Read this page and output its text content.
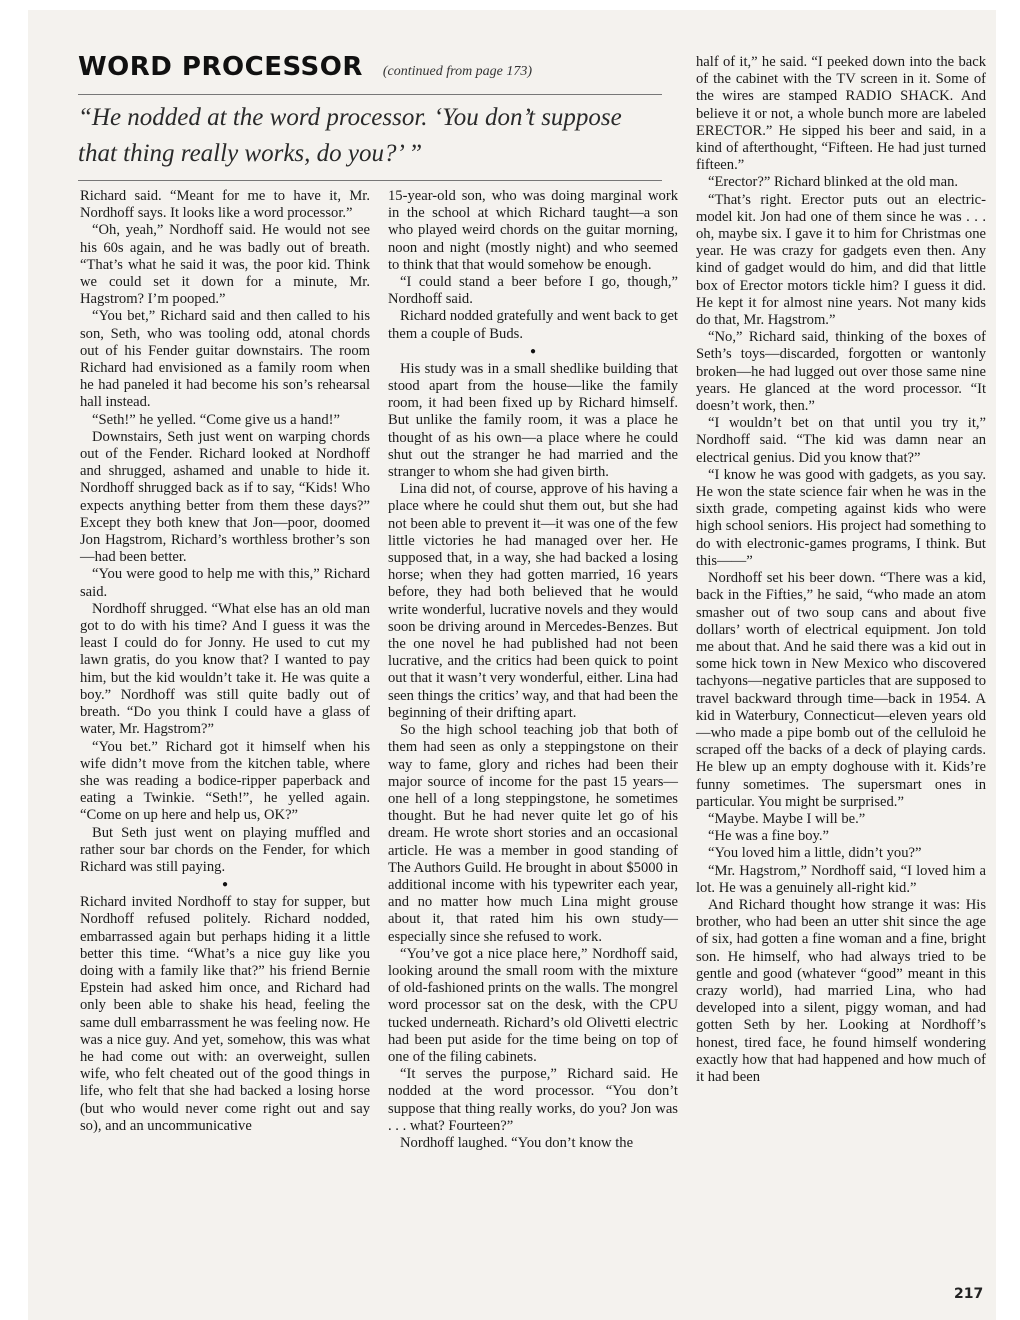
WORD PROCESSOR (continued from page 173)

“He nodded at the word processor. ‘You don’t suppose that thing really works, do you?’ ”

Richard said. “Meant for me to have it, Mr. Nordhoff says. It looks like a word processor.”

“Oh, yeah,” Nordhoff said. He would not see his 60s again, and he was badly out of breath. “That’s what he said it was, the poor kid. Think we could set it down for a minute, Mr. Hagstrom? I’m pooped.”

“You bet,” Richard said and then called to his son, Seth, who was tooling odd, atonal chords out of his Fender guitar downstairs. The room Richard had envisioned as a family room when he had paneled it had become his son’s rehearsal hall instead.

“Seth!” he yelled. “Come give us a hand!”

Downstairs, Seth just went on warping chords out of the Fender. Richard looked at Nordhoff and shrugged, ashamed and unable to hide it. Nordhoff shrugged back as if to say, “Kids! Who expects anything better from them these days?” Except they both knew that Jon—poor, doomed Jon Hagstrom, Richard’s worthless brother’s son—had been better.

“You were good to help me with this,” Richard said.

Nordhoff shrugged. “What else has an old man got to do with his time? And I guess it was the least I could do for Jonny. He used to cut my lawn gratis, do you know that? I wanted to pay him, but the kid wouldn’t take it. He was quite a boy.” Nordhoff was still quite badly out of breath. “Do you think I could have a glass of water, Mr. Hagstrom?”

“You bet.” Richard got it himself when his wife didn’t move from the kitchen table, where she was reading a bodice-ripper paperback and eating a Twinkie. “Seth!”, he yelled again. “Come on up here and help us, OK?”

But Seth just went on playing muffled and rather sour bar chords on the Fender, for which Richard was still paying.

●

Richard invited Nordhoff to stay for supper, but Nordhoff refused politely. Richard nodded, embarrassed again but perhaps hiding it a little better this time. “What’s a nice guy like you doing with a family like that?” his friend Bernie Epstein had asked him once, and Richard had only been able to shake his head, feeling the same dull embarrassment he was feeling now. He was a nice guy. And yet, somehow, this was what he had come out with: an overweight, sullen wife, who felt cheated out of the good things in life, who felt that she had backed a losing horse (but who would never come right out and say so), and an uncommunicative

15-year-old son, who was doing marginal work in the school at which Richard taught—a son who played weird chords on the guitar morning, noon and night (mostly night) and who seemed to think that that would somehow be enough.

“I could stand a beer before I go, though,” Nordhoff said.

Richard nodded gratefully and went back to get them a couple of Buds.

●

His study was in a small shedlike building that stood apart from the house—like the family room, it had been fixed up by Richard himself. But unlike the family room, it was a place he thought of as his own—a place where he could shut out the stranger he had married and the stranger to whom she had given birth.

Lina did not, of course, approve of his having a place where he could shut them out, but she had not been able to prevent it—it was one of the few little victories he had managed over her. He supposed that, in a way, she had backed a losing horse; when they had gotten married, 16 years before, they had both believed that he would write wonderful, lucrative novels and they would soon be driving around in Mercedes-Benzes. But the one novel he had published had not been lucrative, and the critics had been quick to point out that it wasn’t very wonderful, either. Lina had seen things the critics’ way, and that had been the beginning of their drifting apart.

So the high school teaching job that both of them had seen as only a steppingstone on their way to fame, glory and riches had been their major source of income for the past 15 years—one hell of a long steppingstone, he sometimes thought. But he had never quite let go of his dream. He wrote short stories and an occasional article. He was a member in good standing of The Authors Guild. He brought in about $5000 in additional income with his typewriter each year, and no matter how much Lina might grouse about it, that rated him his own study—especially since she refused to work.

“You’ve got a nice place here,” Nordhoff said, looking around the small room with the mixture of old-fashioned prints on the walls. The mongrel word processor sat on the desk, with the CPU tucked underneath. Richard’s old Olivetti electric had been put aside for the time being on top of one of the filing cabinets.

“It serves the purpose,” Richard said. He nodded at the word processor. “You don’t suppose that thing really works, do you? Jon was . . . what? Fourteen?”

Nordhoff laughed. “You don’t know the

half of it,” he said. “I peeked down into the back of the cabinet with the TV screen in it. Some of the wires are stamped RADIO SHACK. And believe it or not, a whole bunch more are labeled ERECTOR.” He sipped his beer and said, in a kind of afterthought, “Fifteen. He had just turned fifteen.”

“Erector?” Richard blinked at the old man.

“That’s right. Erector puts out an electric-model kit. Jon had one of them since he was . . . oh, maybe six. I gave it to him for Christmas one year. He was crazy for gadgets even then. Any kind of gadget would do him, and did that little box of Erector motors tickle him? I guess it did. He kept it for almost nine years. Not many kids do that, Mr. Hagstrom.”

“No,” Richard said, thinking of the boxes of Seth’s toys—discarded, forgotten or wantonly broken—he had lugged out over those same nine years. He glanced at the word processor. “It doesn’t work, then.”

“I wouldn’t bet on that until you try it,” Nordhoff said. “The kid was damn near an electrical genius. Did you know that?”

“I know he was good with gadgets, as you say. He won the state science fair when he was in the sixth grade, competing against kids who were high school seniors. His project had something to do with electronic-games programs, I think. But this——”

Nordhoff set his beer down. “There was a kid, back in the Fifties,” he said, “who made an atom smasher out of two soup cans and about five dollars’ worth of electrical equipment. Jon told me about that. And he said there was a kid out in some hick town in New Mexico who discovered tachyons—negative particles that are supposed to travel backward through time—back in 1954. A kid in Waterbury, Connecticut—eleven years old—who made a pipe bomb out of the celluloid he scraped off the backs of a deck of playing cards. He blew up an empty doghouse with it. Kids’re funny sometimes. The supersmart ones in particular. You might be surprised.”

“Maybe. Maybe I will be.”

“He was a fine boy.”

“You loved him a little, didn’t you?”

“Mr. Hagstrom,” Nordhoff said, “I loved him a lot. He was a genuinely all-right kid.”

And Richard thought how strange it was: His brother, who had been an utter shit since the age of six, had gotten a fine woman and a fine, bright son. He himself, who had always tried to be gentle and good (whatever “good” meant in this crazy world), had married Lina, who had developed into a silent, piggy woman, and had gotten Seth by her. Looking at Nordhoff’s honest, tired face, he found himself wondering exactly how that had happened and how much of it had been

217
